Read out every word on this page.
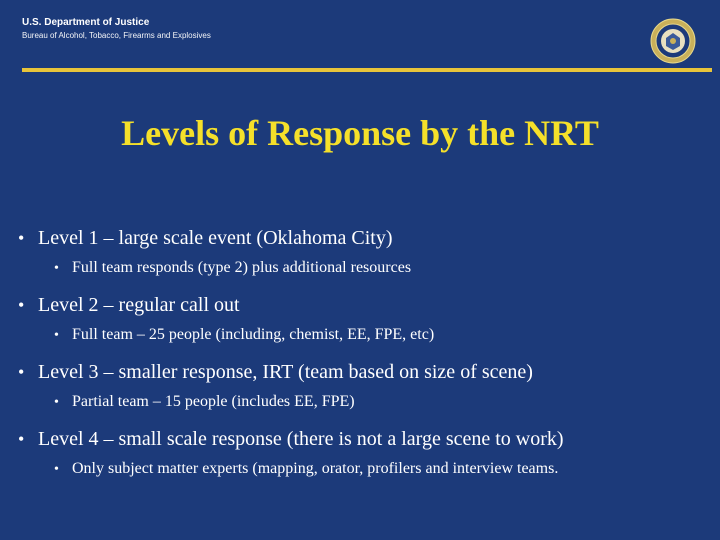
U.S. Department of Justice
Bureau of Alcohol, Tobacco, Firearms and Explosives
Levels of Response by the NRT
• Level 1 – large scale event (Oklahoma City)
• Full team responds (type 2) plus additional resources
• Level 2 – regular call out
• Full team – 25 people (including, chemist, EE, FPE, etc)
• Level 3 – smaller response, IRT (team based on size of scene)
• Partial team – 15 people (includes EE, FPE)
• Level 4 – small scale response (there is not a large scene to work)
• Only subject matter experts (mapping, orator, profilers and interview teams.
